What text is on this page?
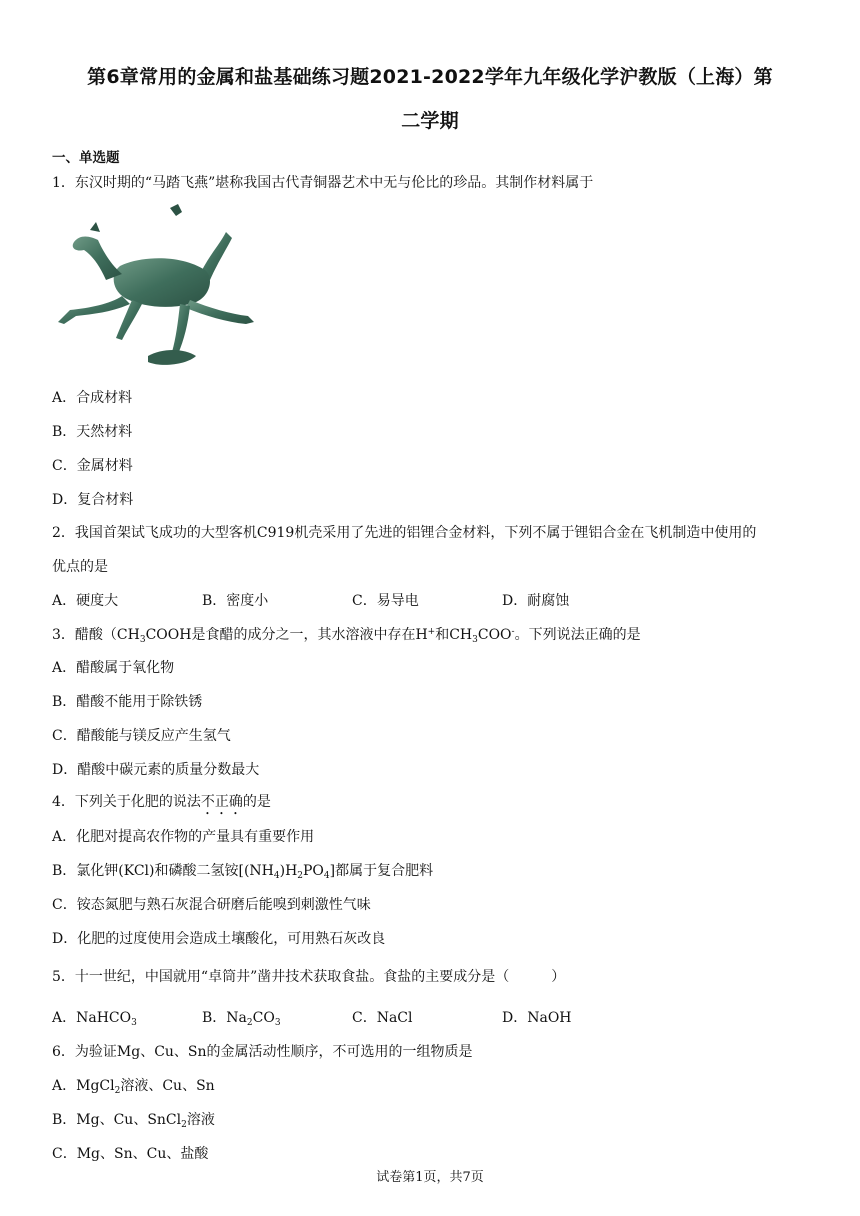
第6章常用的金属和盐基础练习题2021-2022学年九年级化学沪教版（上海）第
二学期
一、单选题
1．东汉时期的“马踏飞燕”堪称我国古代青铜器艺术中无与伦比的珍品。其制作材料属于
A．合成材料
B．天然材料
C．金属材料
D．复合材料
2．我国首架试飞成功的大型客机C919机壳采用了先进的铝锂合金材料，下列不属于锂铝合金在飞机制造中使用的
优点的是
A．硬度大	B．密度小	C．易导电	D．耐腐蚀
3．醋酸（$CH_3COOH$是食醋的成分之一，其水溶液中存在H+和$CH_3COO^-$。下列说法正确的是
A．醋酸属于氧化物
B．醋酸不能用于除铁锈
C．醋酸能与镁反应产生氢气
D．醋酸中碳元素的质量分数最大
4．下列关于化肥的说法不正确的是
A．化肥对提高农作物的产量具有重要作用
B．氯化钾(KCl)和磷酸二氢铵$[(NH_4)H_2PO_4]$都属于复合肥料
C．铵态氮肥与熟石灰混合研磨后能嗅到刺激性气味
D．化肥的过度使用会造成土壤酸化，可用熟石灰改良
5．十一世纪，中国就用“卓筒井”凿井技术获取食盐。食盐的主要成分是（　　　）
A．NaHCO$_3$	B．$Na_2CO_3$	C．NaCl	D．NaOH
6．为验证Mg、Cu、Sn的金属活动性顺序，不可选用的一组物质是
A．MgCl$_2$溶液、Cu、Sn
B．Mg、Cu、SnCl$_2$溶液
C．Mg、Sn、Cu、盐酸
试卷第1页，共7页
